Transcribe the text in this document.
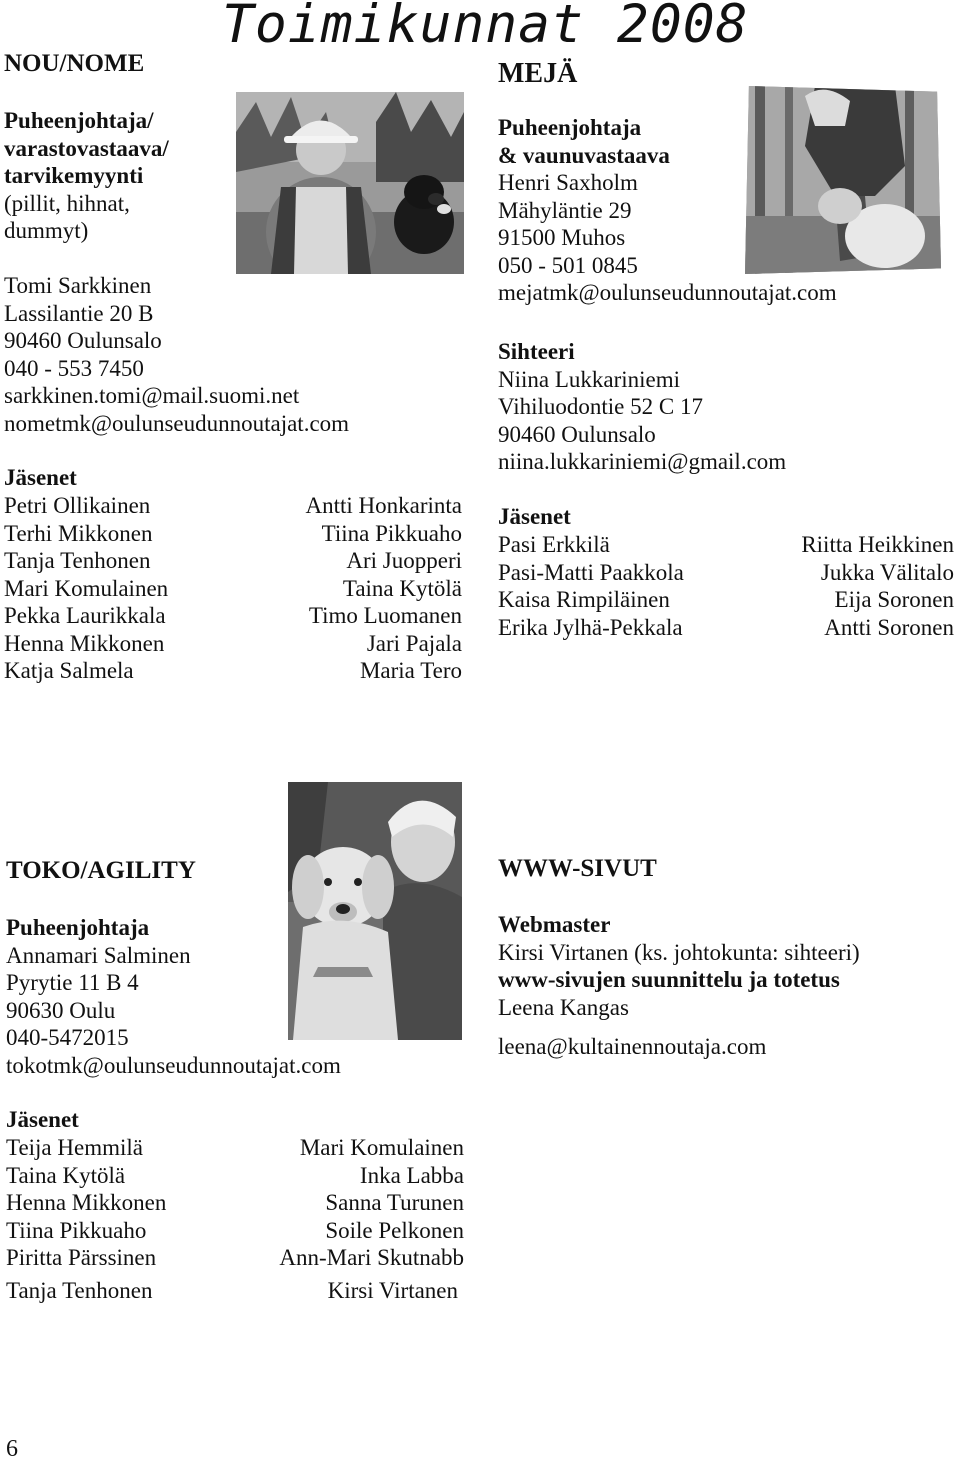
Toimikunnat 2008
NOU/NOME
Puheenjohtaja/
varastovastaava/
tarvikemyynti
(pillit, hihnat,
dummyt)
Tomi Sarkkinen
Lassilantie 20 B
90460 Oulunsalo
040 - 553 7450
sarkkinen.tomi@mail.suomi.net
nometmk@oulunseudunnoutajat.com
Jäsenet
Petri Ollikainen
Terhi Mikkonen
Tanja Tenhonen
Mari Komulainen
Pekka Laurikkala
Henna Mikkonen
Katja Salmela
Antti Honkarinta
Tiina Pikkuaho
Ari Juopperi
Taina Kytölä
Timo Luomanen
Jari Pajala
Maria Tero
MEJÄ
Puheenjohtaja
& vaunuvastaava
Henri Saxholm
Mähyläntie 29
91500 Muhos
050 - 501 0845
mejatmk@oulunseudunnoutajat.com
Sihteeri
Niina Lukkariniemi
Vihiluodontie 52 C 17
90460 Oulunsalo
niina.lukkariniemi@gmail.com
Jäsenet
Pasi Erkkilä
Pasi-Matti Paakkola
Kaisa Rimpiläinen
Erika Jylhä-Pekkala
Riitta Heikkinen
Jukka Välitalo
Eija Soronen
Antti Soronen
TOKO/AGILITY
Puheenjohtaja
Annamari Salminen
Pyrytie 11 B 4
90630 Oulu
040-5472015
tokotmk@oulunseudunnoutajat.com
Jäsenet
Teija Hemmilä
Taina Kytölä
Henna Mikkonen
Tiina Pikkuaho
Piritta Pärssinen
Tanja Tenhonen
Mari Komulainen
Inka Labba
Sanna Turunen
Soile Pelkonen
Ann-Mari Skutnabb
Kirsi Virtanen
WWW-SIVUT
Webmaster
Kirsi Virtanen (ks. johtokunta: sihteeri)
www-sivujen suunnittelu ja totetus
Leena Kangas
leena@kultainennoutaja.com
6
